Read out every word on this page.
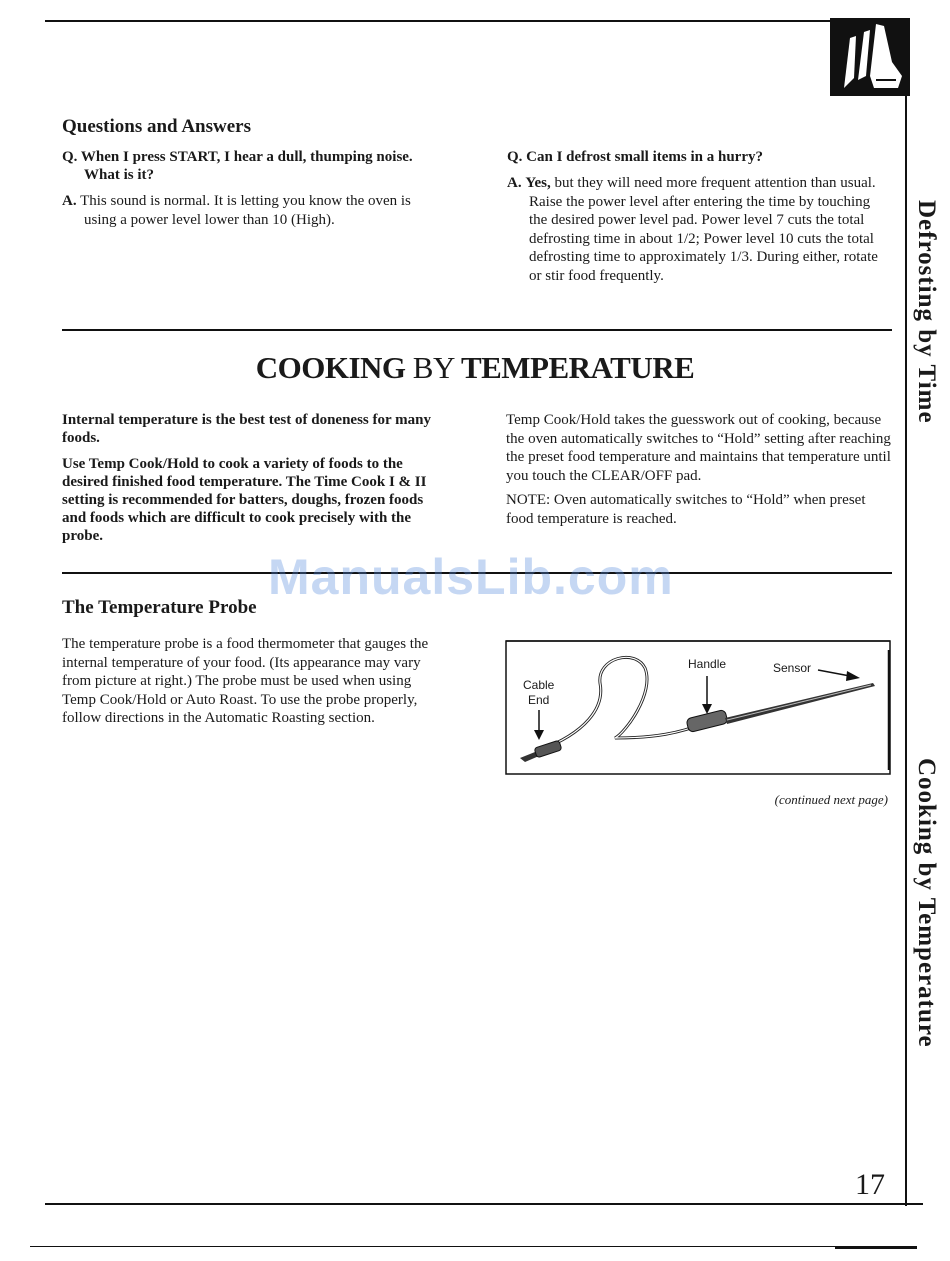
Questions and Answers
Q. When I press START, I hear a dull, thumping noise. What is it?
A. This sound is normal. It is letting you know the oven is using a power level lower than 10 (High).
Q. Can I defrost small items in a hurry?
A. Yes, but they will need more frequent attention than usual. Raise the power level after entering the time by touching the desired power level pad. Power level 7 cuts the total defrosting time in about 1/2; Power level 10 cuts the total defrosting time to approximately 1/3. During either, rotate or stir food frequently.
COOKING BY TEMPERATURE
Internal temperature is the best test of doneness for many foods.
Use Temp Cook/Hold to cook a variety of foods to the desired finished food temperature. The Time Cook I & II setting is recommended for batters, doughs, frozen foods and foods which are difficult to cook precisely with the probe.
Temp Cook/Hold takes the guesswork out of cooking, because the oven automatically switches to “Hold” setting after reaching the preset food temperature and maintains that temperature until you touch the CLEAR/OFF pad.
NOTE: Oven automatically switches to “Hold” when preset food temperature is reached.
ManualsLib.com
The Temperature Probe
The temperature probe is a food thermometer that gauges the internal temperature of your food. (Its appearance may vary from picture at right.) The probe must be used when using Temp Cook/Hold or Auto Roast. To use the probe properly, follow directions in the Automatic Roasting section.
Handle	Sensor
Cable
End
(continued next page)
Defrosting by Time
Cooking by Temperature
17
